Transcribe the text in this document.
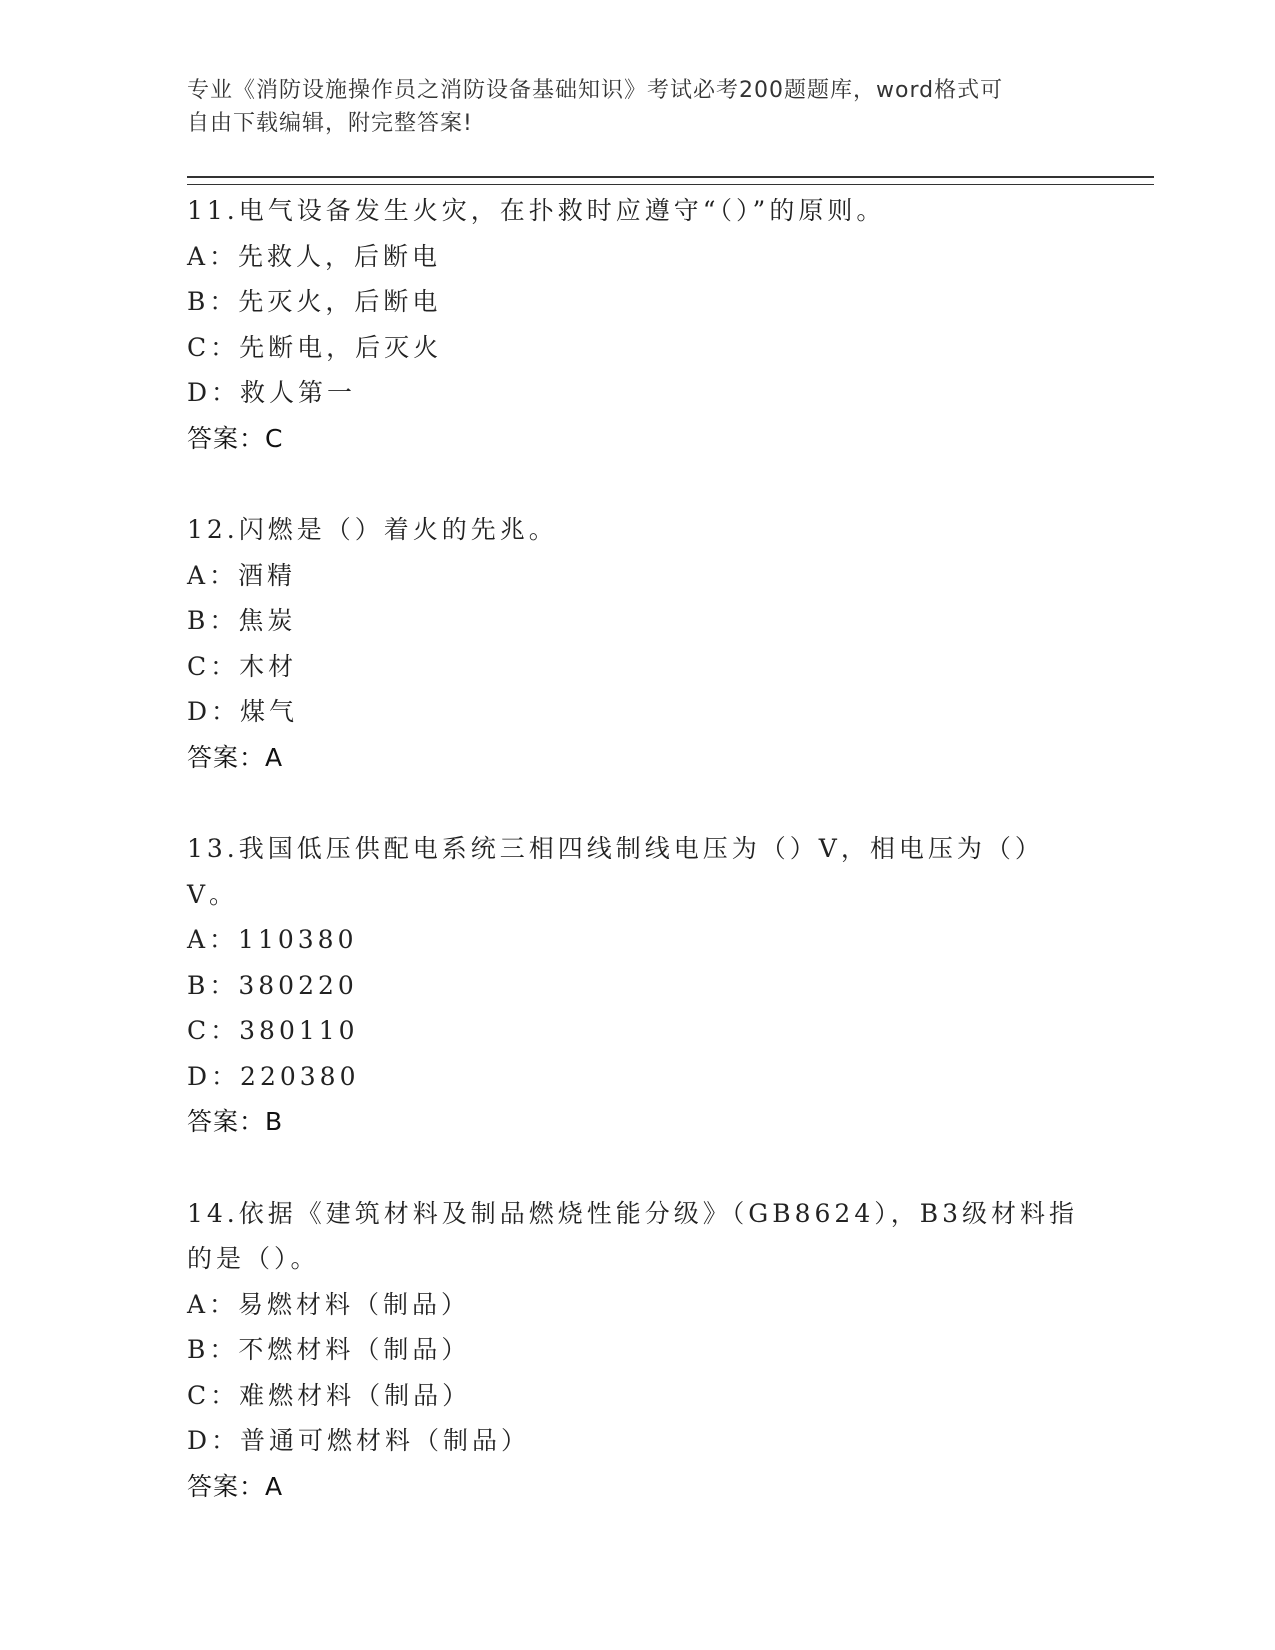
专业《消防设施操作员之消防设备基础知识》考试必考200题题库，word格式可
自由下载编辑，附完整答案!
11.电气设备发生火灾，在扑救时应遵守“（）”的原则。
A：先救人，后断电
B：先灭火，后断电
C：先断电，后灭火
D：救人第一
答案：C
12.闪燃是（）着火的先兆。
A：酒精
B：焦炭
C：木材
D：煤气
答案：A
13.我国低压供配电系统三相四线制线电压为（）V，相电压为（）V。
A：110380
B：380220
C：380110
D：220380
答案：B
14.依据《建筑材料及制品燃烧性能分级》（GB8624），B3级材料指的是（）。
A：易燃材料（制品）
B：不燃材料（制品）
C：难燃材料（制品）
D：普通可燃材料（制品）
答案：A
